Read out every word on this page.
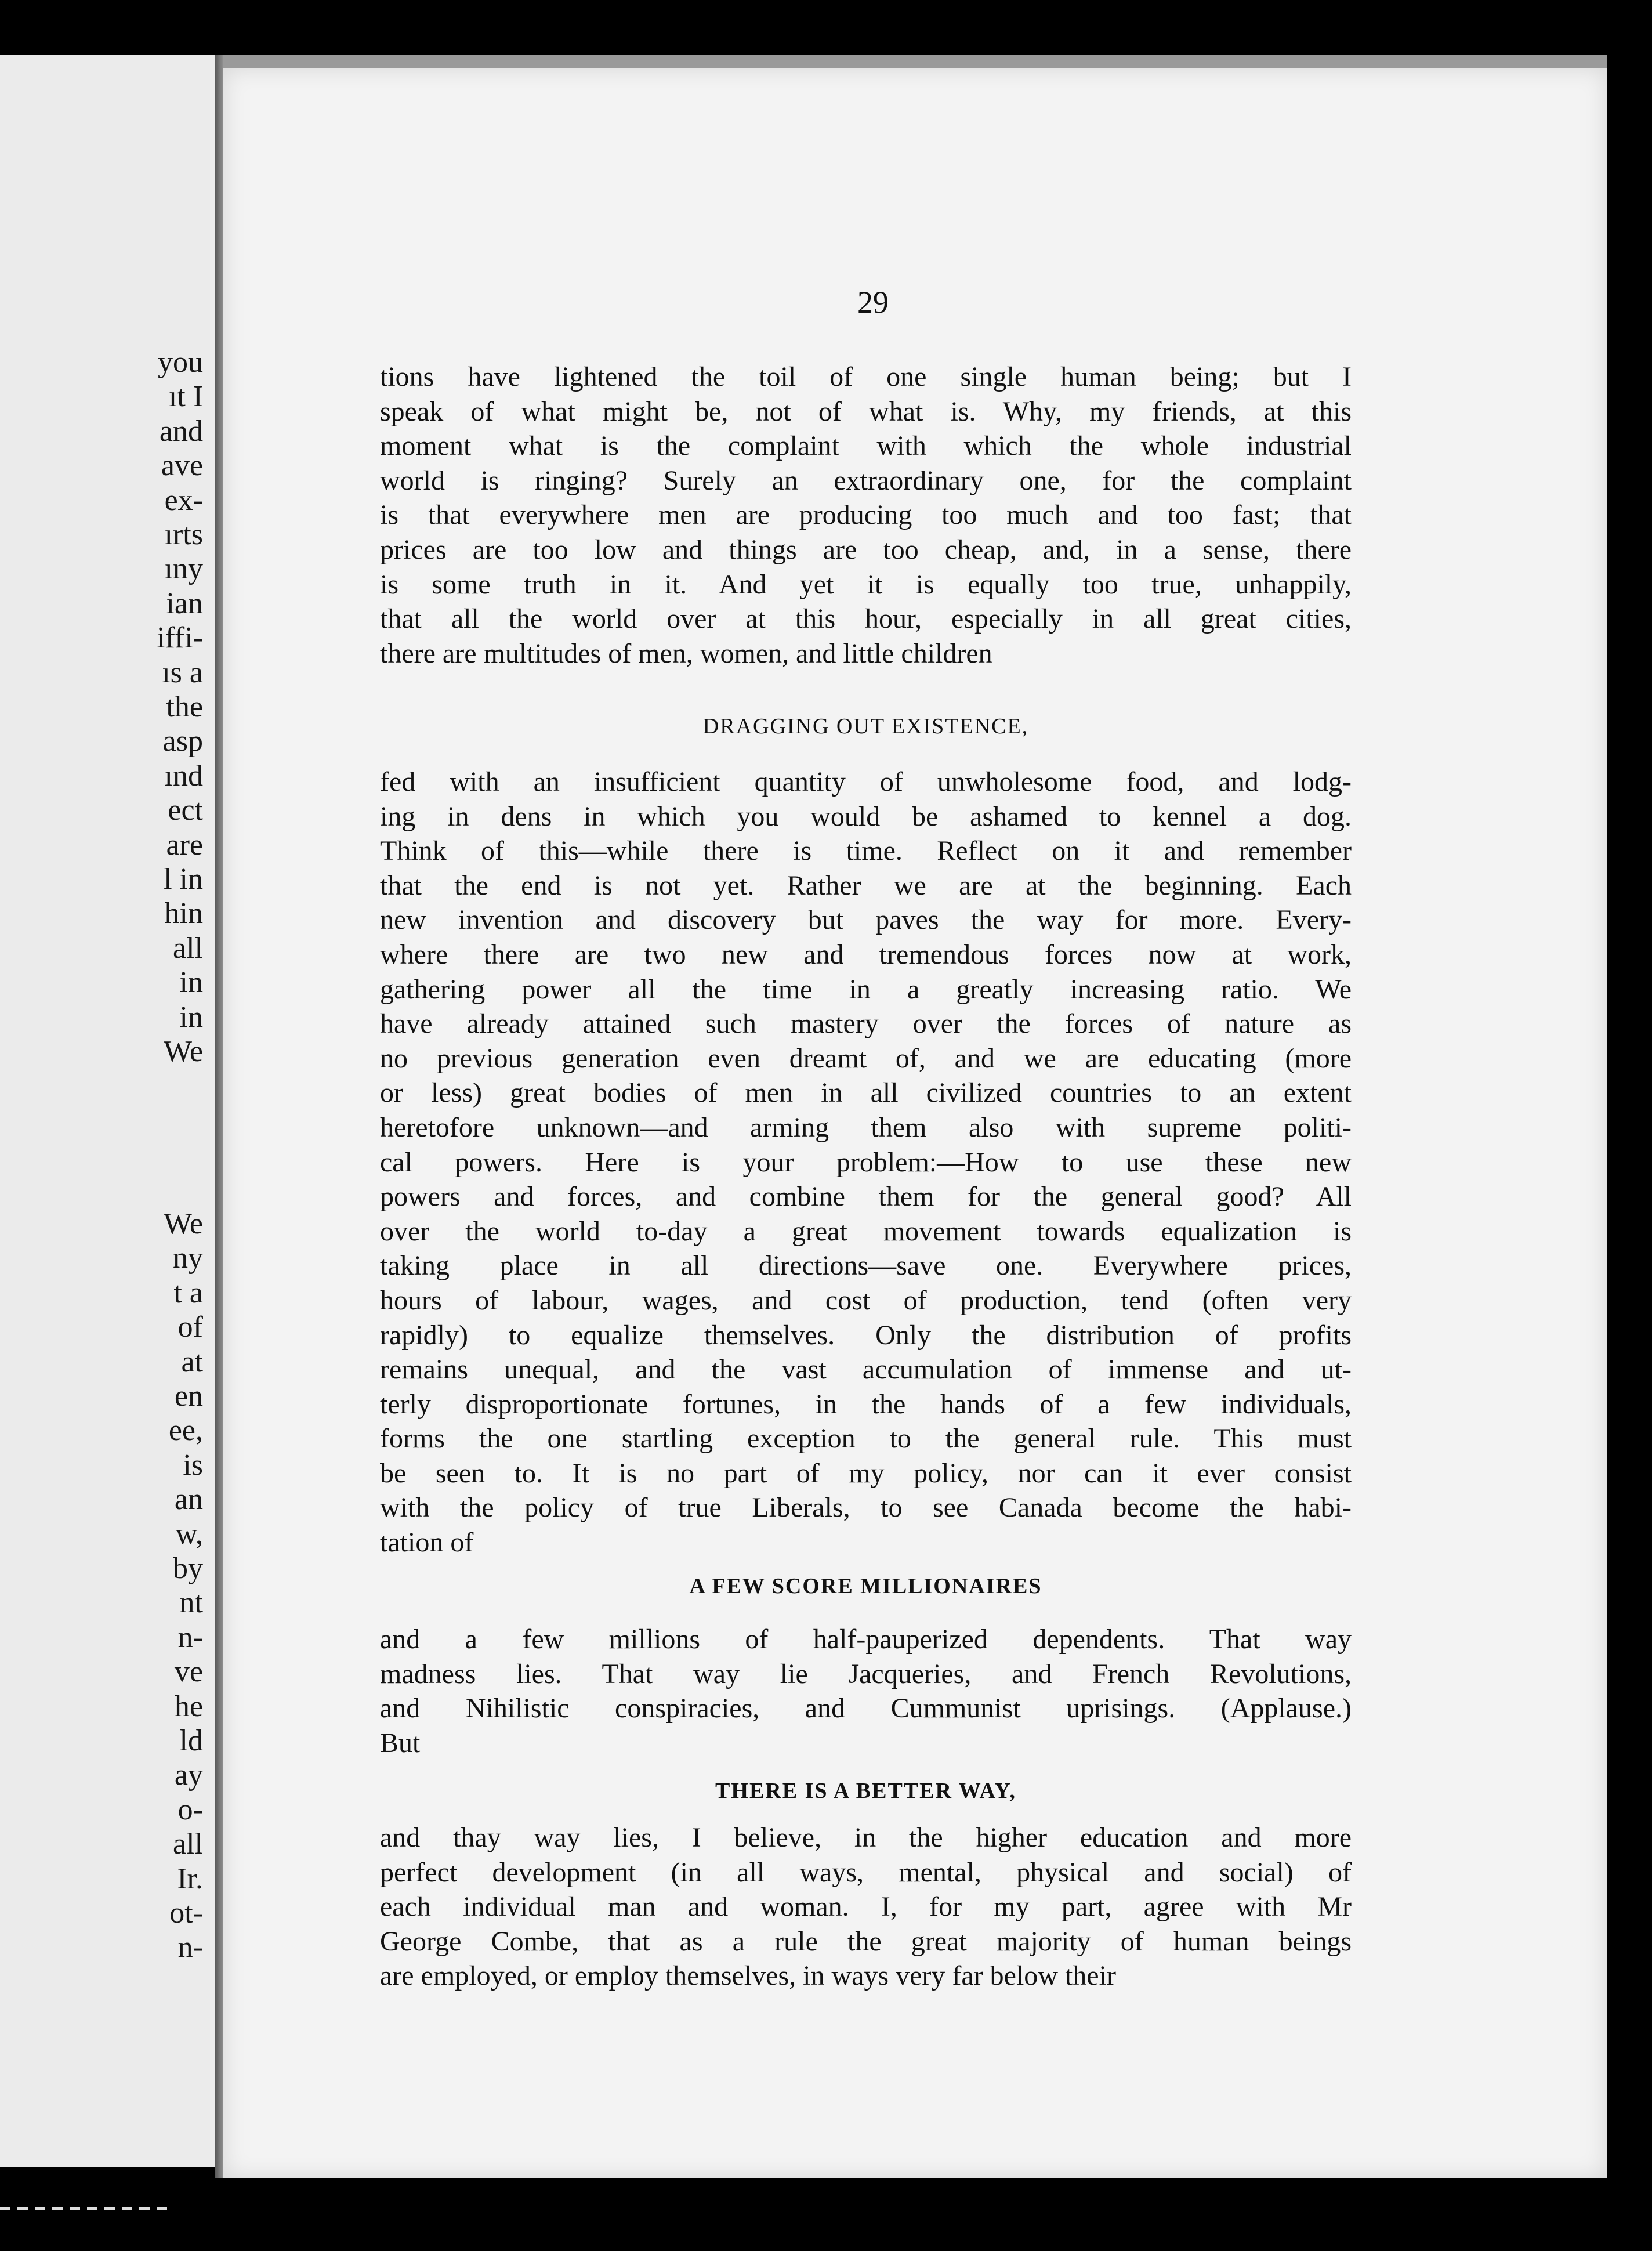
you
ıt I
and
ave
ex-
ırts
ıny
ian
iffi-
ıs a
the
asp
ınd
ect
are
l in
hin
all
in
in
We
We
ny
t a
of
at
en
ee,
is
an
w,
by
nt
n-
ve
he
ld
ay
o-
all
Ir.
ot-
n-
29
tions have lightened the toil of one single human being; but I
speak of what might be, not of what is. Why, my friends, at this
moment what is the complaint with which the whole industrial
world is ringing? Surely an extraordinary one, for the complaint
is that everywhere men are producing too much and too fast; that
prices are too low and things are too cheap, and, in a sense, there
is some truth in it. And yet it is equally too true, unhappily,
that all the world over at this hour, especially in all great cities,
there are multitudes of men, women, and little children
DRAGGING OUT EXISTENCE,
fed with an insufficient quantity of unwholesome food, and lodg-
ing in dens in which you would be ashamed to kennel a dog.
Think of this—while there is time. Reflect on it and remember
that the end is not yet. Rather we are at the beginning. Each
new invention and discovery but paves the way for more. Every-
where there are two new and tremendous forces now at work,
gathering power all the time in a greatly increasing ratio. We
have already attained such mastery over the forces of nature as
no previous generation even dreamt of, and we are educating (more
or less) great bodies of men in all civilized countries to an extent
heretofore unknown—and arming them also with supreme politi-
cal powers. Here is your problem:—How to use these new
powers and forces, and combine them for the general good? All
over the world to-day a great movement towards equalization is
taking place in all directions—save one. Everywhere prices,
hours of labour, wages, and cost of production, tend (often very
rapidly) to equalize themselves. Only the distribution of profits
remains unequal, and the vast accumulation of immense and ut-
terly disproportionate fortunes, in the hands of a few individuals,
forms the one startling exception to the general rule. This must
be seen to. It is no part of my policy, nor can it ever consist
with the policy of true Liberals, to see Canada become the habi-
tation of
A FEW SCORE MILLIONAIRES
and a few millions of half-pauperized dependents. That way
madness lies. That way lie Jacqueries, and French Revolutions,
and Nihilistic conspiracies, and Cummunist uprisings. (Applause.)
But
THERE IS A BETTER WAY,
and thay way lies, I believe, in the higher education and more
perfect development (in all ways, mental, physical and social) of
each individual man and woman. I, for my part, agree with Mr
George Combe, that as a rule the great majority of human beings
are employed, or employ themselves, in ways very far below their
